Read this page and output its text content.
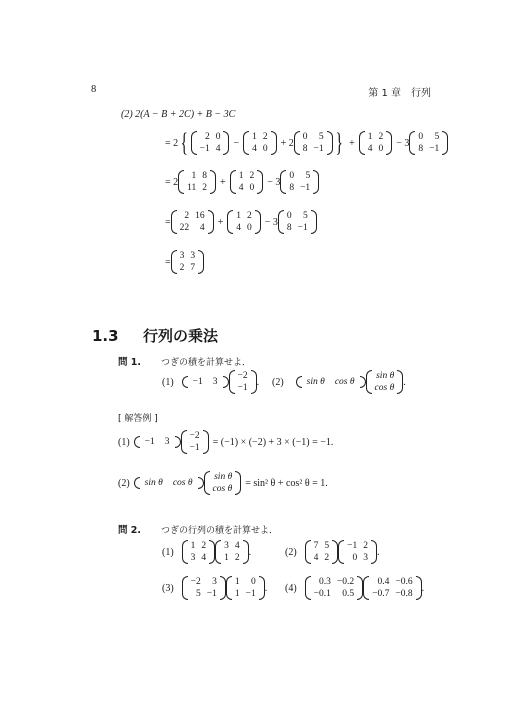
8	第 1 章　行列
(2) 2(A − B + 2C) + B − 3C
= 2 { 2	0
−1	4
−
1	2
4	0
+ 2
0	5
8	−1 } +
1	2
4	0
− 3
0	5
8	−1
= 2
1	8
11	2
+
1	2
4	0
− 3
0	5
8	−1
=
2	16
22	4
+
1	2
4	0
− 3
0	5
8	−1
=
3	3
2	7
1.3 行列の乗法
問 1. つぎの積を計算せよ．
(1) −1	3
−2
−1
. (2) sin θ	cos θ
sin θ
cos θ
.
[ 解答例 ]
(1) −1	3
−2
−1
= (−1) × (−2) + 3 × (−1) = −1.
(2) sin θ	cos θ
sin θ
cos θ
= sin² θ + cos² θ = 1.
問 2. つぎの行列の積を計算せよ．
(1)
1	2
3	4
3	4
1	2
.	(2)
7	5
4	2
−1	2
0	3
.
(3)
−2	3
5	−1
1	0
1	−1
. (4)
0.3	−0.2
−0.1	0.5
0.4	−0.6
−0.7	−0.8
.
